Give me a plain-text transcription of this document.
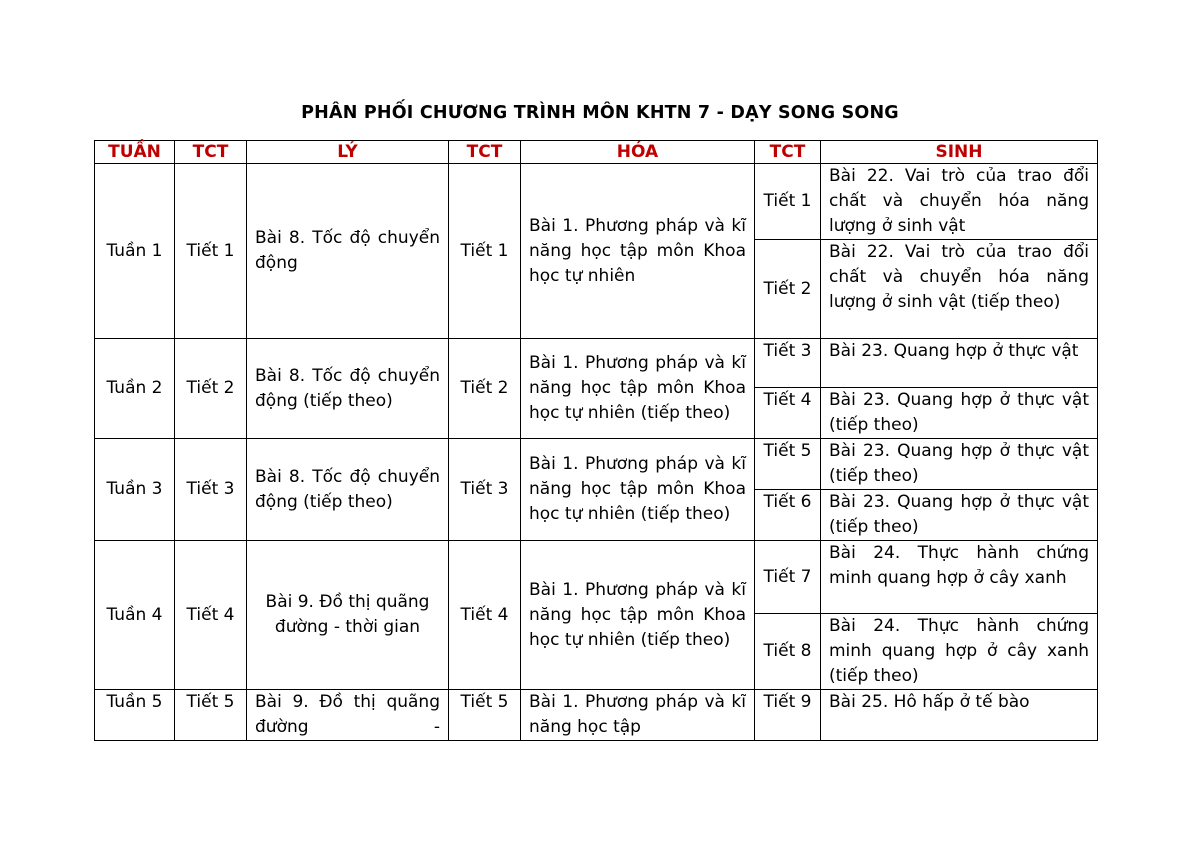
PHÂN PHỐI CHƯƠNG TRÌNH MÔN KHTN 7 - DẠY SONG SONG
TUẦN	TCT	LÝ	TCT	HÓA	TCT	SINH
Tuần 1	Tiết 1	Bài 8. Tốc độ chuyển động	Tiết 1	Bài 1. Phương pháp và kĩ năng học tập môn Khoa học tự nhiên	Tiết 1	Bài 22. Vai trò của trao đổi chất và chuyển hóa năng lượng ở sinh vật
					Tiết 2	Bài 22. Vai trò của trao đổi chất và chuyển hóa năng lượng ở sinh vật (tiếp theo)
Tuần 2	Tiết 2	Bài 8. Tốc độ chuyển động (tiếp theo)	Tiết 2	Bài 1. Phương pháp và kĩ năng học tập môn Khoa học tự nhiên (tiếp theo)	Tiết 3	Bài 23. Quang hợp ở thực vật
					Tiết 4	Bài 23. Quang hợp ở thực vật (tiếp theo)
Tuần 3	Tiết 3	Bài 8. Tốc độ chuyển động (tiếp theo)	Tiết 3	Bài 1. Phương pháp và kĩ năng học tập môn Khoa học tự nhiên (tiếp theo)	Tiết 5	Bài 23. Quang hợp ở thực vật (tiếp theo)
					Tiết 6	Bài 23. Quang hợp ở thực vật (tiếp theo)
Tuần 4	Tiết 4	Bài 9. Đồ thị quãng đường - thời gian	Tiết 4	Bài 1. Phương pháp và kĩ năng học tập môn Khoa học tự nhiên (tiếp theo)	Tiết 7	Bài 24. Thực hành chứng minh quang hợp ở cây xanh
					Tiết 8	Bài 24. Thực hành chứng minh quang hợp ở cây xanh (tiếp theo)

Tuần 5	Tiết 5	Bài 9. Đồ thị quãng đường -	Tiết 5	Bài 1. Phương pháp và kĩ năng học tập	Tiết 9	Bài 25. Hô hấp ở tế bào
